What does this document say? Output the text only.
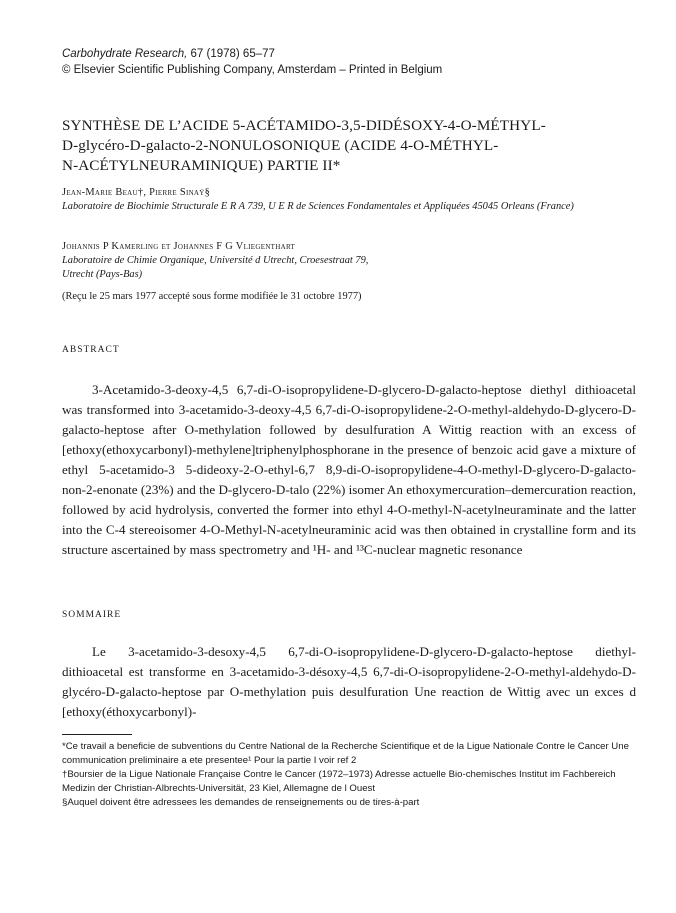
Carbohydrate Research, 67 (1978) 65–77
© Elsevier Scientific Publishing Company, Amsterdam – Printed in Belgium
SYNTHÈSE DE L’ACIDE 5-ACÉTAMIDO-3,5-DIDÉSOXY-4-O-MÉTHYL-
D-glycéro-D-galacto-2-NONULOSONIQUE (ACIDE 4-O-MÉTHYL-
N-ACÉTYLNEURAMINIQUE) PARTIE II*
Jean-Marie Beau†, Pierre Sinaÿ§
Laboratoire de Biochimie Structurale E R A 739, U E R de Sciences Fondamentales et Appliquées 45045 Orleans (France)
Johannis P Kamerling et Johannes F G Vliegenthart
Laboratoire de Chimie Organique, Université d Utrecht, Croesestraat 79,
Utrecht (Pays-Bas)
(Reçu le 25 mars 1977 accepté sous forme modifiée le 31 octobre 1977)
ABSTRACT

3-Acetamido-3-deoxy-4,5 6,7-di-O-isopropylidene-D-glycero-D-galacto-heptose diethyl dithioacetal was transformed into 3-acetamido-3-deoxy-4,5 6,7-di-O-isopropylidene-2-O-methyl-aldehydo-D-glycero-D-galacto-heptose after O-methylation followed by desulfuration A Wittig reaction with an excess of [ethoxy(ethoxycarbonyl)-methylene]triphenylphosphorane in the presence of benzoic acid gave a mixture of ethyl 5-acetamido-3 5-dideoxy-2-O-ethyl-6,7 8,9-di-O-isopropylidene-4-O-methyl-D-glycero-D-galacto-non-2-enonate (23%) and the D-glycero-D-talo (22%) isomer An ethoxymercuration–demercuration reaction, followed by acid hydrolysis, converted the former into ethyl 4-O-methyl-N-acetylneuraminate and the latter into the C-4 stereoisomer 4-O-Methyl-N-acetylneuraminic acid was then obtained in crystalline form and its structure ascertained by mass spectrometry and ¹H- and ¹³C-nuclear magnetic resonance

SOMMAIRE

Le 3-acetamido-3-desoxy-4,5 6,7-di-O-isopropylidene-D-glycero-D-galacto-heptose diethyl-dithioacetal est transforme en 3-acetamido-3-désoxy-4,5 6,7-di-O-isopropylidene-2-O-methyl-aldehydo-D-glycéro-D-galacto-heptose par O-methylation puis desulfuration Une reaction de Wittig avec un exces d [ethoxy(éthoxycarbonyl)-

*Ce travail a beneficie de subventions du Centre National de la Recherche Scientifique et de la Ligue Nationale Contre le Cancer Une communication preliminaire a ete presentee¹ Pour la partie I voir ref 2

†Boursier de la Ligue Nationale Française Contre le Cancer (1972–1973) Adresse actuelle Bio-chemisches Institut im Fachbereich Medizin der Christian-Albrechts-Universität, 23 Kiel, Allemagne de l Ouest

§Auquel doivent être adressees les demandes de renseignements ou de tires-à-part
